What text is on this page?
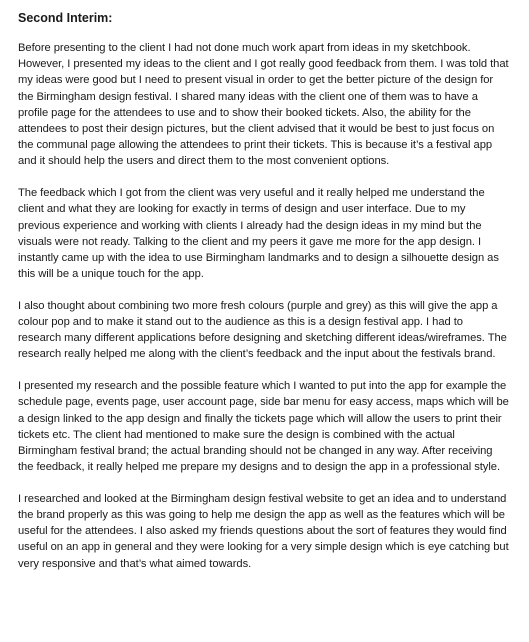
Second Interim:

Before presenting to the client I had not done much work apart from ideas in my sketchbook. However, I presented my ideas to the client and I got really good feedback from them. I was told that my ideas were good but I need to present visual in order to get the better picture of the design for the Birmingham design festival. I shared many ideas with the client one of them was to have a profile page for the attendees to use and to show their booked tickets. Also, the ability for the attendees to post their design pictures, but the client advised that it would be best to just focus on the communal page allowing the attendees to print their tickets. This is because it’s a festival app and it should help the users and direct them to the most convenient options.

The feedback which I got from the client was very useful and it really helped me understand the client and what they are looking for exactly in terms of design and user interface. Due to my previous experience and working with clients I already had the design ideas in my mind but the visuals were not ready. Talking to the client and my peers it gave me more for the app design. I instantly came up with the idea to use Birmingham landmarks and to design a silhouette design as this will be a unique touch for the app.

I also thought about combining two more fresh colours (purple and grey) as this will give the app a colour pop and to make it stand out to the audience as this is a design festival app. I had to research many different applications before designing and sketching different ideas/wireframes. The research really helped me along with the client’s feedback and the input about the festivals brand.

I presented my research and the possible feature which I wanted to put into the app for example the schedule page, events page, user account page, side bar menu for easy access, maps which will be a design linked to the app design and finally the tickets page which will allow the users to print their tickets etc. The client had mentioned to make sure the design is combined with the actual Birmingham festival brand; the actual branding should not be changed in any way. After receiving the feedback, it really helped me prepare my designs and to design the app in a professional style.

I researched and looked at the Birmingham design festival website to get an idea and to understand the brand properly as this was going to help me design the app as well as the features which will be useful for the attendees. I also asked my friends questions about the sort of features they would find useful on an app in general and they were looking for a very simple design which is eye catching but very responsive and that’s what aimed towards.
